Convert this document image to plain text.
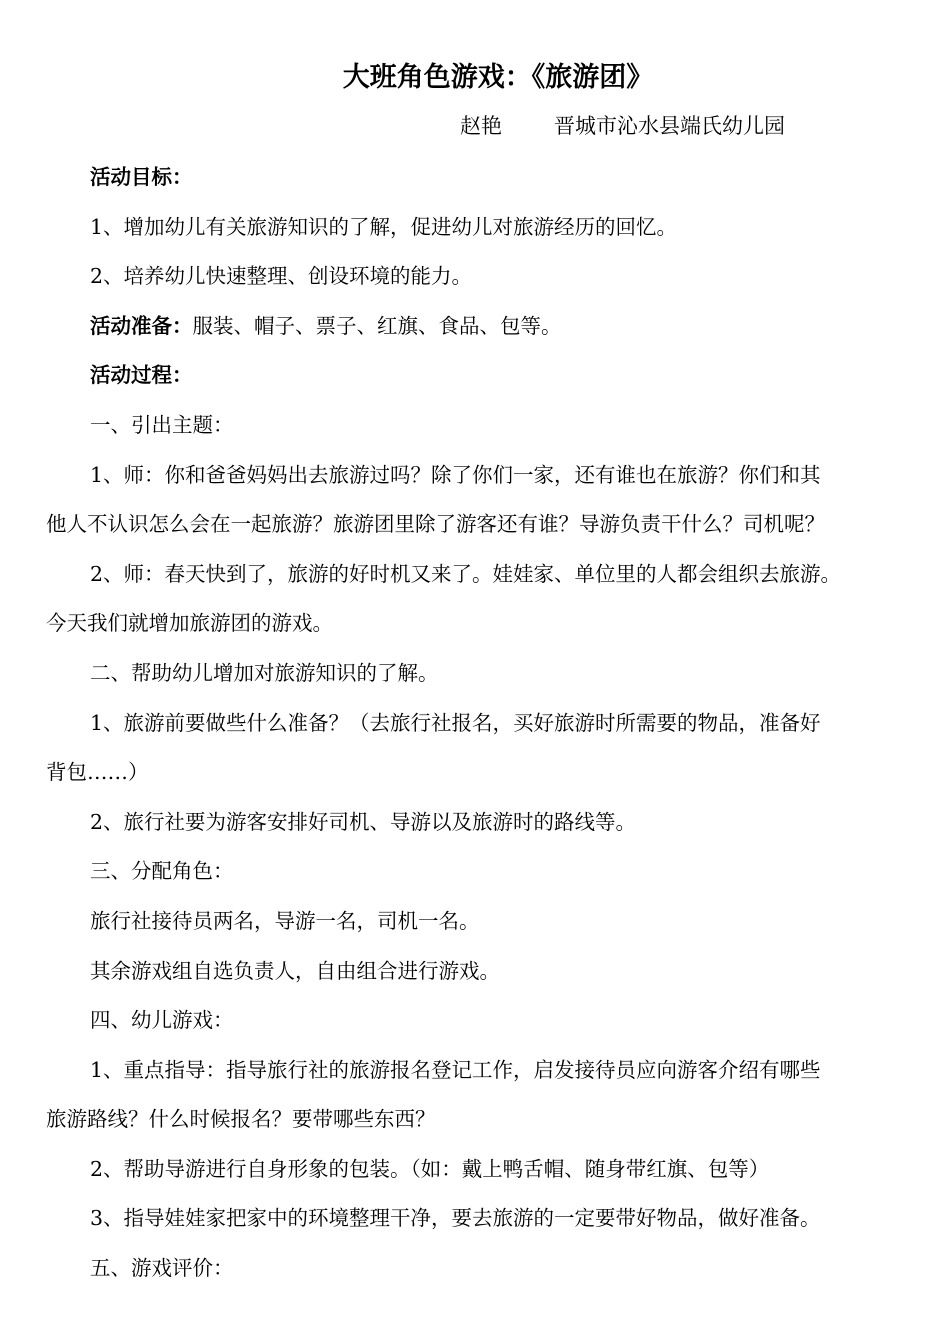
大班角色游戏：《旅游团》
赵艳 晋城市沁水县端氏幼儿园
活动目标：
1、增加幼儿有关旅游知识的了解，促进幼儿对旅游经历的回忆。
2、培养幼儿快速整理、创设环境的能力。
活动准备：服装、帽子、票子、红旗、食品、包等。
活动过程：
一、引出主题：
1、师：你和爸爸妈妈出去旅游过吗？除了你们一家，还有谁也在旅游？你们和其
他人不认识怎么会在一起旅游？旅游团里除了游客还有谁？导游负责干什么？司机呢？
2、师：春天快到了，旅游的好时机又来了。娃娃家、单位里的人都会组织去旅游。
今天我们就增加旅游团的游戏。
二、帮助幼儿增加对旅游知识的了解。
1、旅游前要做些什么准备？（去旅行社报名，买好旅游时所需要的物品，准备好
背包……）
2、旅行社要为游客安排好司机、导游以及旅游时的路线等。
三、分配角色：
旅行社接待员两名，导游一名，司机一名。
其余游戏组自选负责人，自由组合进行游戏。
四、幼儿游戏：
1、重点指导：指导旅行社的旅游报名登记工作，启发接待员应向游客介绍有哪些
旅游路线？什么时候报名？要带哪些东西？
2、帮助导游进行自身形象的包装。（如：戴上鸭舌帽、随身带红旗、包等）
3、指导娃娃家把家中的环境整理干净，要去旅游的一定要带好物品，做好准备。
五、游戏评价：
